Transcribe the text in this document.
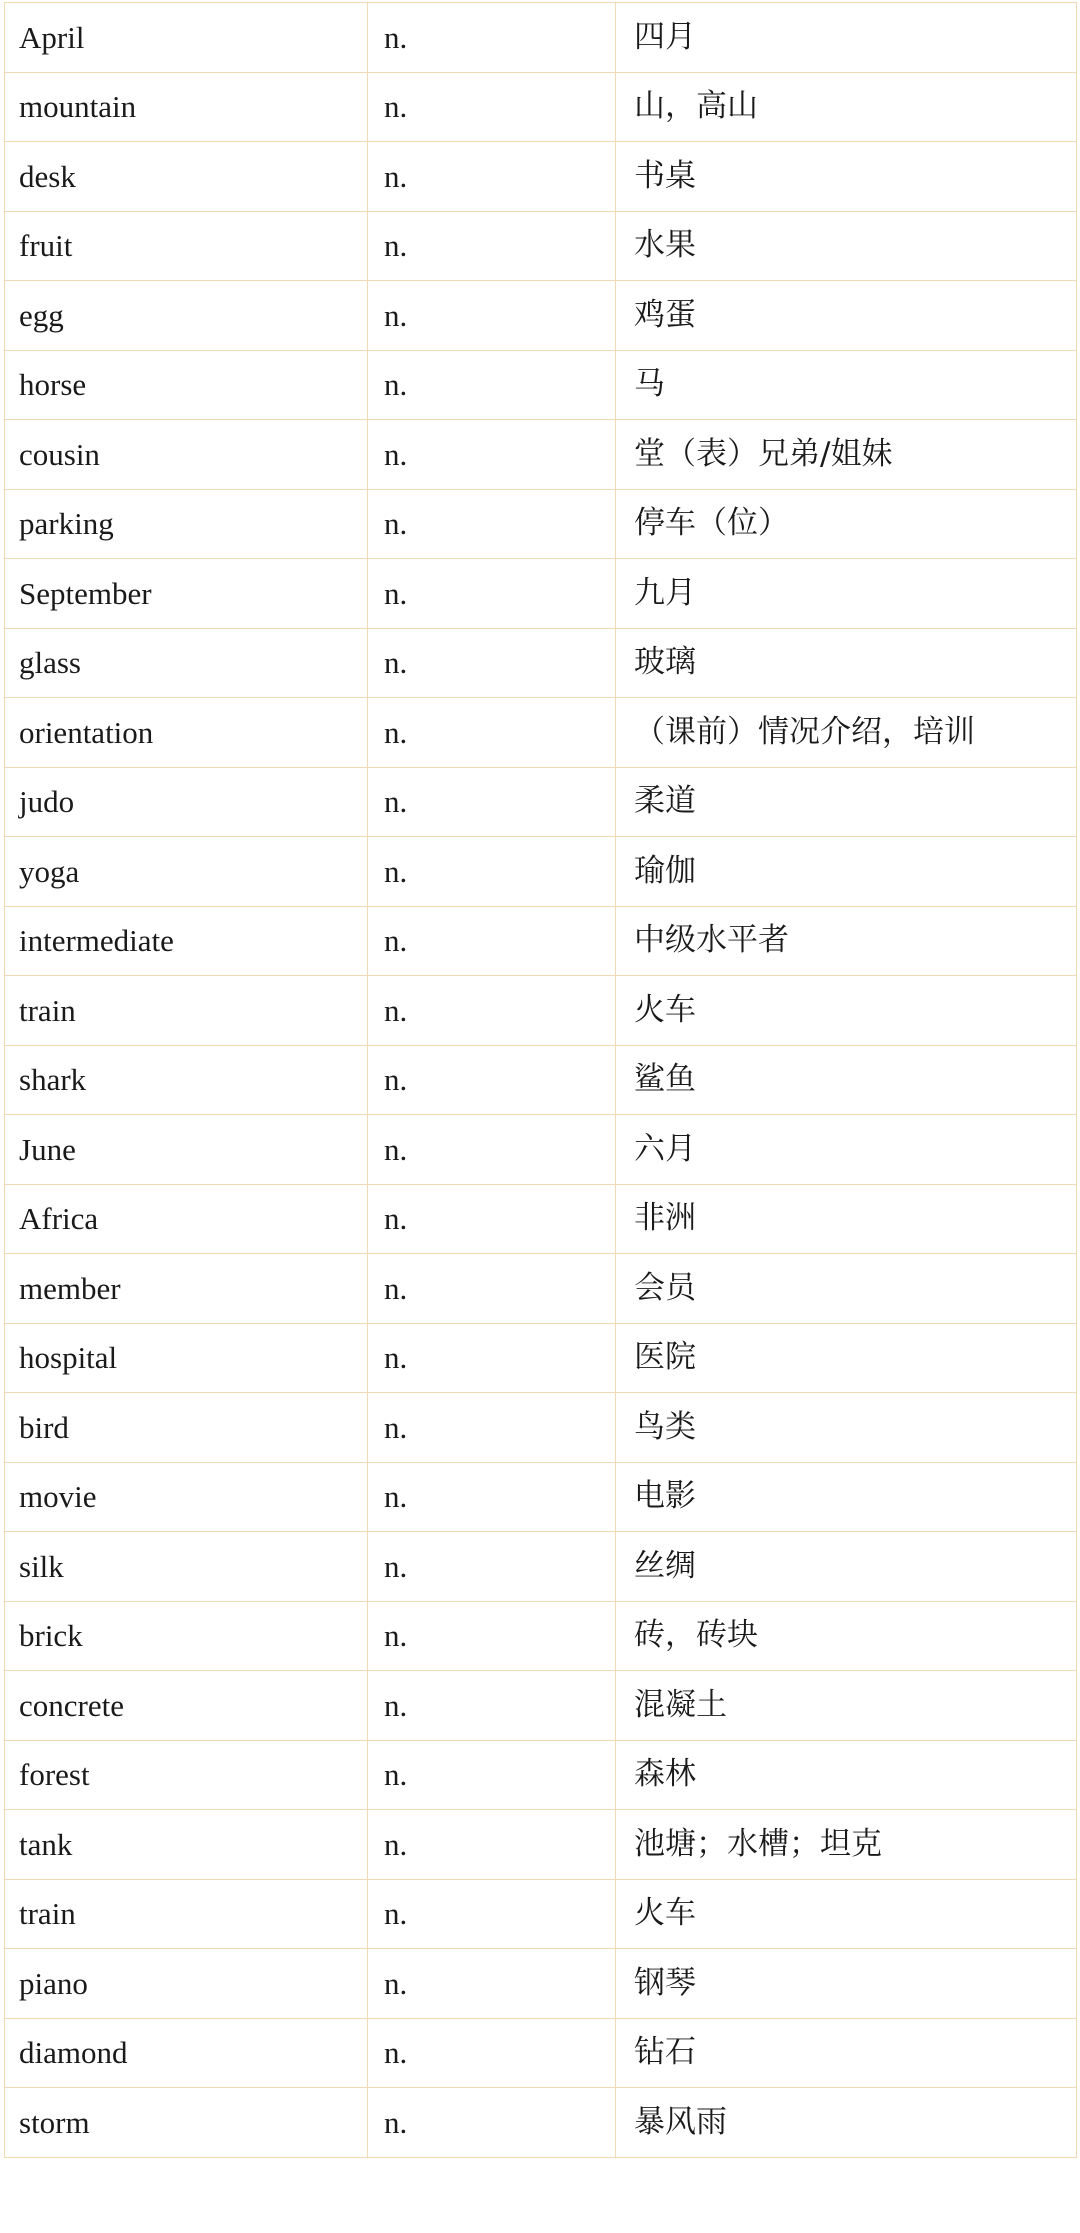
April	n.	四月
mountain	n.	山，高山
desk	n.	书桌
fruit	n.	水果
egg	n.	鸡蛋
horse	n.	马
cousin	n.	堂（表）兄弟/姐妹
parking	n.	停车（位）
September	n.	九月
glass	n.	玻璃
orientation	n.	（课前）情况介绍，培训
judo	n.	柔道
yoga	n.	瑜伽
intermediate	n.	中级水平者
train	n.	火车
shark	n.	鲨鱼
June	n.	六月
Africa	n.	非洲
member	n.	会员
hospital	n.	医院
bird	n.	鸟类
movie	n.	电影
silk	n.	丝绸
brick	n.	砖，砖块
concrete	n.	混凝土
forest	n.	森林
tank	n.	池塘；水槽；坦克
train	n.	火车
piano	n.	钢琴
diamond	n.	钻石
storm	n.	暴风雨
